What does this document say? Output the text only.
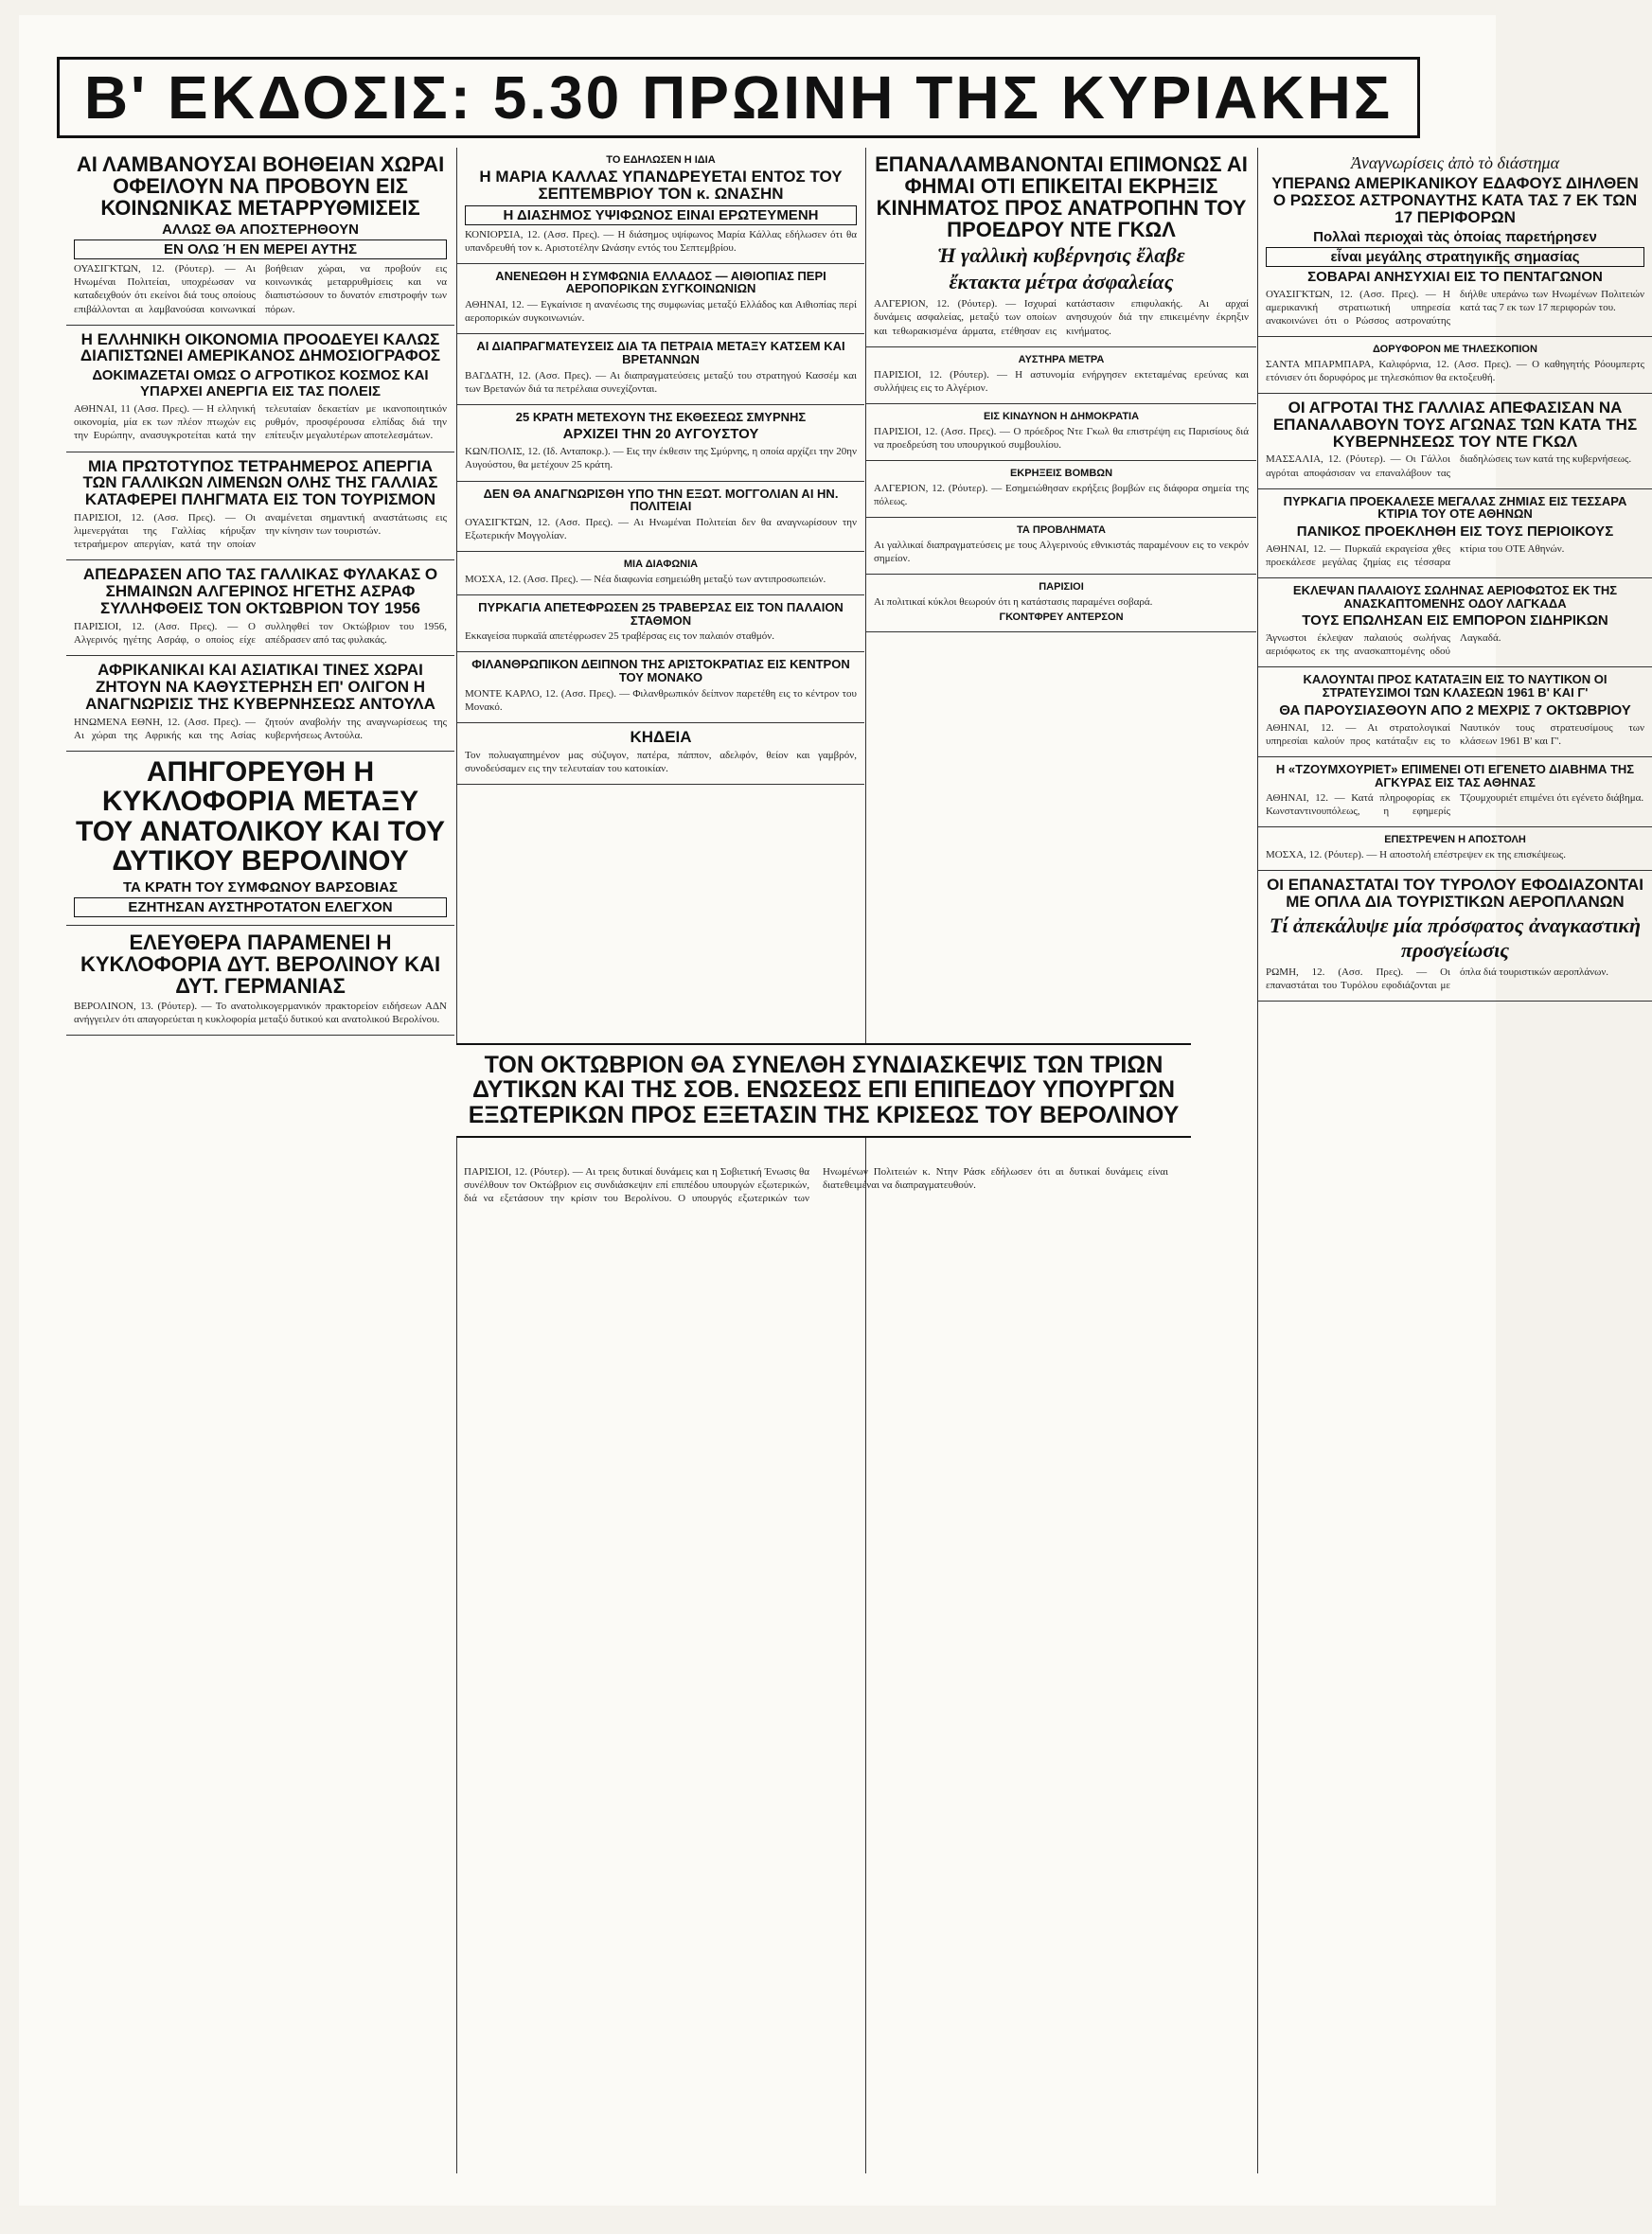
Β' ΕΚΔΟΣΙΣ: 5.30 ΠΡΩΙΝΗ ΤΗΣ ΚΥΡΙΑΚΗΣ
ΑΙ ΛΑΜΒΑΝΟΥΣΑΙ ΒΟΗΘΕΙΑΝ ΧΩΡΑΙ ΟΦΕΙΛΟΥΝ ΝΑ ΠΡΟΒΟΥΝ ΕΙΣ ΚΟΙΝΩΝΙΚΑΣ ΜΕΤΑΡΡΥΘΜΙΣΕΙΣ
ΑΛΛΩΣ ΘΑ ΑΠΟΣΤΕΡΗΘΟΥΝ
ΕΝ ΟΛΩ Ή ΕΝ ΜΕΡΕΙ ΑΥΤΗΣ
ΟΥΑΣΙΓΚΤΩΝ, 12. (Ρόυτερ). — Αι Ηνωμέναι Πολιτείαι, υποχρέωσαν να καταδειχθούν ότι εκείνοι διά τους οποίους επιβάλλονται αι λαμβανούσαι κοινωνικαί βοήθειαν χώραι, να προβούν εις κοινωνικάς μεταρρυθμίσεις και να διαπιστώσουν το δυνατόν επιστροφήν των πόρων.
Η ΕΛΛΗΝΙΚΗ ΟΙΚΟΝΟΜΙΑ ΠΡΟΟΔΕΥΕΙ ΚΑΛΩΣ ΔΙΑΠΙΣΤΩΝΕΙ ΑΜΕΡΙΚΑΝΟΣ ΔΗΜΟΣΙΟΓΡΑΦΟΣ
ΔΟΚΙΜΑΖΕΤΑΙ ΟΜΩΣ Ο ΑΓΡΟΤΙΚΟΣ ΚΟΣΜΟΣ ΚΑΙ ΥΠΑΡΧΕΙ ΑΝΕΡΓΙΑ ΕΙΣ ΤΑΣ ΠΟΛΕΙΣ
ΑΘΗΝΑΙ, 11 (Ασσ. Πρες). — Η ελληνική οικονομία, μία εκ των πλέον πτωχών εις την Ευρώπην, ανασυγκροτείται κατά την τελευταίαν δεκαετίαν με ικανοποιητικόν ρυθμόν, προσφέρουσα ελπίδας διά την επίτευξιν μεγαλυτέρων αποτελεσμάτων.
ΜΙΑ ΠΡΩΤΟΤΥΠΟΣ ΤΕΤΡΑΗΜΕΡΟΣ ΑΠΕΡΓΙΑ ΤΩΝ ΓΑΛΛΙΚΩΝ ΛΙΜΕΝΩΝ ΟΛΗΣ ΤΗΣ ΓΑΛΛΙΑΣ ΚΑΤΑΦΕΡΕΙ ΠΛΗΓΜΑΤΑ ΕΙΣ ΤΟΝ ΤΟΥΡΙΣΜΟΝ
ΠΑΡΙΣΙΟΙ, 12. (Ασσ. Πρες). — Οι λιμενεργάται της Γαλλίας κήρυξαν τετραήμερον απεργίαν, κατά την οποίαν αναμένεται σημαντική αναστάτωσις εις την κίνησιν των τουριστών.
ΑΠΕΔΡΑΣΕΝ ΑΠΟ ΤΑΣ ΓΑΛΛΙΚΑΣ ΦΥΛΑΚΑΣ Ο ΣΗΜΑΙΝΩΝ ΑΛΓΕΡΙΝΟΣ ΗΓΕΤΗΣ ΑΣΡΑΦ ΣΥΛΛΗΦΘΕΙΣ ΤΟΝ ΟΚΤΩΒΡΙΟΝ ΤΟΥ 1956
ΠΑΡΙΣΙΟΙ, 12. (Ασσ. Πρες). — Ο Αλγερινός ηγέτης Ασράφ, ο οποίος είχε συλληφθεί τον Οκτώβριον του 1956, απέδρασεν από τας φυλακάς.
ΑΦΡΙΚΑΝΙΚΑΙ ΚΑΙ ΑΣΙΑΤΙΚΑΙ ΤΙΝΕΣ ΧΩΡΑΙ ΖΗΤΟΥΝ ΝΑ ΚΑΘΥΣΤΕΡΗΣΗ ΕΠ' ΟΛΙΓΟΝ Η ΑΝΑΓΝΩΡΙΣΙΣ ΤΗΣ ΚΥΒΕΡΝΗΣΕΩΣ ΑΝΤΟΥΛΑ
ΗΝΩΜΕΝΑ ΕΘΝΗ, 12. (Ασσ. Πρες). — Αι χώραι της Αφρικής και της Ασίας ζητούν αναβολήν της αναγνωρίσεως της κυβερνήσεως Αντούλα.
ΑΠΗΓΟΡΕΥΘΗ Η ΚΥΚΛΟΦΟΡΙΑ ΜΕΤΑΞΥ ΤΟΥ ΑΝΑΤΟΛΙΚΟΥ ΚΑΙ ΤΟΥ ΔΥΤΙΚΟΥ ΒΕΡΟΛΙΝΟΥ
ΤΑ ΚΡΑΤΗ ΤΟΥ ΣΥΜΦΩΝΟΥ ΒΑΡΣΟΒΙΑΣ
ΕΖΗΤΗΣΑΝ ΑΥΣΤΗΡΟΤΑΤΟΝ ΕΛΕΓΧΟΝ
ΕΛΕΥΘΕΡΑ ΠΑΡΑΜΕΝΕΙ Η ΚΥΚΛΟΦΟΡΙΑ ΔΥΤ. ΒΕΡΟΛΙΝΟΥ ΚΑΙ ΔΥΤ. ΓΕΡΜΑΝΙΑΣ
ΒΕΡΟΛΙΝΟΝ, 13. (Ρόυτερ). — Το ανατολικογερμανικόν πρακτορείον ειδήσεων ΑΔΝ ανήγγειλεν ότι απαγορεύεται η κυκλοφορία μεταξύ δυτικού και ανατολικού Βερολίνου.
ΤΟ ΕΔΗΛΩΣΕΝ Η ΙΔΙΑ
Η ΜΑΡΙΑ ΚΑΛΛΑΣ ΥΠΑΝΔΡΕΥΕΤΑΙ ΕΝΤΟΣ ΤΟΥ ΣΕΠΤΕΜΒΡΙΟΥ ΤΟΝ κ. ΩΝΑΣΗΝ
Η ΔΙΑΣΗΜΟΣ ΥΨΙΦΩΝΟΣ ΕΙΝΑΙ ΕΡΩΤΕΥΜΕΝΗ
ΚΟΝΙΟΡΣΙΑ, 12. (Ασσ. Πρες). — Η διάσημος υψίφωνος Μαρία Κάλλας εδήλωσεν ότι θα υπανδρευθή τον κ. Αριστοτέλην Ωνάσην εντός του Σεπτεμβρίου.
ΑΝΕΝΕΩΘΗ Η ΣΥΜΦΩΝΙΑ ΕΛΛΑΔΟΣ — ΑΙΘΙΟΠΙΑΣ ΠΕΡΙ ΑΕΡΟΠΟΡΙΚΩΝ ΣΥΓΚΟΙΝΩΝΙΩΝ
ΑΘΗΝΑΙ, 12. — Εγκαίνισε η ανανέωσις της συμφωνίας μεταξύ Ελλάδος και Αιθιοπίας περί αεροπορικών συγκοινωνιών.
ΑΙ ΔΙΑΠΡΑΓΜΑΤΕΥΣΕΙΣ ΔΙΑ ΤΑ ΠΕΤΡΑΙΑ ΜΕΤΑΞΥ ΚΑΤΣΕΜ ΚΑΙ ΒΡΕΤΑΝΝΩΝ
ΒΑΓΔΑΤΗ, 12. (Ασσ. Πρες). — Αι διαπραγματεύσεις μεταξύ του στρατηγού Κασσέμ και των Βρετανών διά τα πετρέλαια συνεχίζονται.
25 ΚΡΑΤΗ ΜΕΤΕΧΟΥΝ ΤΗΣ ΕΚΘΕΣΕΩΣ ΣΜΥΡΝΗΣ
ΑΡΧΙΖΕΙ ΤΗΝ 20 ΑΥΓΟΥΣΤΟΥ
ΚΩΝ/ΠΟΛΙΣ, 12. (Ιδ. Ανταποκρ.). — Εις την έκθεσιν της Σμύρνης, η οποία αρχίζει την 20ην Αυγούστου, θα μετέχουν 25 κράτη.
ΔΕΝ ΘΑ ΑΝΑΓΝΩΡΙΣΘΗ ΥΠΟ ΤΗΝ ΕΞΩΤ. ΜΟΓΓΟΛΙΑΝ ΑΙ ΗΝ. ΠΟΛΙΤΕΙΑΙ
ΟΥΑΣΙΓΚΤΩΝ, 12. (Ασσ. Πρες). — Αι Ηνωμέναι Πολιτείαι δεν θα αναγνωρίσουν την Εξωτερικήν Μογγολίαν.
ΜΙΑ ΔΙΑΦΩΝΙΑ
ΜΟΣΧΑ, 12. (Ασσ. Πρες). — Νέα διαφωνία εσημειώθη μεταξύ των αντιπροσωπειών.
ΠΥΡΚΑΓΙΑ ΑΠΕΤΕΦΡΩΣΕΝ 25 ΤΡΑΒΕΡΣΑΣ ΕΙΣ ΤΟΝ ΠΑΛΑΙΟΝ ΣΤΑΘΜΟΝ
Εκκαγείσα πυρκαϊά απετέφρωσεν 25 τραβέρσας εις τον παλαιόν σταθμόν.
ΦΙΛΑΝΘΡΩΠΙΚΟΝ ΔΕΙΠΝΟΝ ΤΗΣ ΑΡΙΣΤΟΚΡΑΤΙΑΣ ΕΙΣ ΚΕΝΤΡΟΝ ΤΟΥ ΜΟΝΑΚΟ
ΜΟΝΤΕ ΚΑΡΛΟ, 12. (Ασσ. Πρες). — Φιλανθρωπικόν δείπνον παρετέθη εις το κέντρον του Μονακό.
ΚΗΔΕΙΑ
Τον πολυαγαπημένον μας σύζυγον, πατέρα, πάππον, αδελφόν, θείον και γαμβρόν, συνοδεύσαμεν εις την τελευταίαν του κατοικίαν.
ΕΠΑΝΑΛΑΜΒΑΝΟΝΤΑΙ ΕΠΙΜΟΝΩΣ ΑΙ ΦΗΜΑΙ ΟΤΙ ΕΠΙΚΕΙΤΑΙ ΕΚΡΗΞΙΣ ΚΙΝΗΜΑΤΟΣ ΠΡΟΣ ΑΝΑΤΡΟΠΗΝ ΤΟΥ ΠΡΟΕΔΡΟΥ ΝΤΕ ΓΚΩΛ
Ἡ γαλλικὴ κυβέρνησις ἔλαβε
ἔκτακτα μέτρα ἀσφαλείας
ΑΛΓΕΡΙΟΝ, 12. (Ρόυτερ). — Ισχυραί δυνάμεις ασφαλείας, μεταξύ των οποίων και τεθωρακισμένα άρματα, ετέθησαν εις κατάστασιν επιφυλακής. Αι αρχαί ανησυχούν διά την επικειμένην έκρηξιν κινήματος.
ΑΥΣΤΗΡΑ ΜΕΤΡΑ
ΠΑΡΙΣΙΟΙ, 12. (Ρόυτερ). — Η αστυνομία ενήργησεν εκτεταμένας ερεύνας και συλλήψεις εις το Αλγέριον.
ΕΙΣ ΚΙΝΔΥΝΟΝ Η ΔΗΜΟΚΡΑΤΙΑ
ΠΑΡΙΣΙΟΙ, 12. (Ασσ. Πρες). — Ο πρόεδρος Ντε Γκωλ θα επιστρέψη εις Παρισίους διά να προεδρεύση του υπουργικού συμβουλίου.
ΕΚΡΗΞΕΙΣ ΒΟΜΒΩΝ
ΑΛΓΕΡΙΟΝ, 12. (Ρόυτερ). — Εσημειώθησαν εκρήξεις βομβών εις διάφορα σημεία της πόλεως.
ΤΑ ΠΡΟΒΛΗΜΑΤΑ
Αι γαλλικαί διαπραγματεύσεις με τους Αλγερινούς εθνικιστάς παραμένουν εις το νεκρόν σημείον.
ΠΑΡΙΣΙΟΙ
Αι πολιτικαί κύκλοι θεωρούν ότι η κατάστασις παραμένει σοβαρά.
ΓΚΟΝΤΦΡΕΥ ΑΝΤΕΡΣΟΝ
Ἀναγνωρίσεις ἀπὸ τὸ διάστημα
ΥΠΕΡΑΝΩ ΑΜΕΡΙΚΑΝΙΚΟΥ ΕΔΑΦΟΥΣ ΔΙΗΛΘΕΝ Ο ΡΩΣΣΟΣ ΑΣΤΡΟΝΑΥΤΗΣ ΚΑΤΑ ΤΑΣ 7 ΕΚ ΤΩΝ 17 ΠΕΡΙΦΟΡΩΝ
Πολλαὶ περιοχαὶ τὰς ὁποίας παρετήρησεν
εἶναι μεγάλης στρατηγικῆς σημασίας
ΣΟΒΑΡΑΙ ΑΝΗΣΥΧΙΑΙ ΕΙΣ ΤΟ ΠΕΝΤΑΓΩΝΟΝ
ΟΥΑΣΙΓΚΤΩΝ, 12. (Ασσ. Πρες). — Η αμερικανική στρατιωτική υπηρεσία ανακοινώνει ότι ο Ρώσσος αστροναύτης διήλθε υπεράνω των Ηνωμένων Πολιτειών κατά τας 7 εκ των 17 περιφορών του.
ΔΟΡΥΦΟΡΟΝ ΜΕ ΤΗΛΕΣΚΟΠΙΟΝ
ΣΑΝΤΑ ΜΠΑΡΜΠΑΡΑ, Καλιφόρνια, 12. (Ασσ. Πρες). — Ο καθηγητής Ρόουμπερτς ετόνισεν ότι δορυφόρος με τηλεσκόπιον θα εκτοξευθή.
ΟΙ ΑΓΡΟΤΑΙ ΤΗΣ ΓΑΛΛΙΑΣ ΑΠΕΦΑΣΙΣΑΝ ΝΑ ΕΠΑΝΑΛΑΒΟΥΝ ΤΟΥΣ ΑΓΩΝΑΣ ΤΩΝ ΚΑΤΑ ΤΗΣ ΚΥΒΕΡΝΗΣΕΩΣ ΤΟΥ ΝΤΕ ΓΚΩΛ
ΜΑΣΣΑΛΙΑ, 12. (Ρόυτερ). — Οι Γάλλοι αγρόται αποφάσισαν να επαναλάβουν τας διαδηλώσεις των κατά της κυβερνήσεως.
ΠΥΡΚΑΓΙΑ ΠΡΟΕΚΑΛΕΣΕ ΜΕΓΑΛΑΣ ΖΗΜΙΑΣ ΕΙΣ ΤΕΣΣΑΡΑ ΚΤΙΡΙΑ ΤΟΥ ΟΤΕ ΑΘΗΝΩΝ
ΠΑΝΙΚΟΣ ΠΡΟΕΚΛΗΘΗ ΕΙΣ ΤΟΥΣ ΠΕΡΙΟΙΚΟΥΣ
ΑΘΗΝΑΙ, 12. — Πυρκαϊά εκραγείσα χθες προεκάλεσε μεγάλας ζημίας εις τέσσαρα κτίρια του ΟΤΕ Αθηνών.
ΕΚΛΕΨΑΝ ΠΑΛΑΙΟΥΣ ΣΩΛΗΝΑΣ ΑΕΡΙΟΦΩΤΟΣ ΕΚ ΤΗΣ ΑΝΑΣΚΑΠΤΟΜΕΝΗΣ ΟΔΟΥ ΛΑΓΚΑΔΑ
ΤΟΥΣ ΕΠΩΛΗΣΑΝ ΕΙΣ ΕΜΠΟΡΟΝ ΣΙΔΗΡΙΚΩΝ
Άγνωστοι έκλεψαν παλαιούς σωλήνας αεριόφωτος εκ της ανασκαπτομένης οδού Λαγκαδά.
ΚΑΛΟΥΝΤΑΙ ΠΡΟΣ ΚΑΤΑΤΑΞΙΝ ΕΙΣ ΤΟ ΝΑΥΤΙΚΟΝ ΟΙ ΣΤΡΑΤΕΥΣΙΜΟΙ ΤΩΝ ΚΛΑΣΕΩΝ 1961 Β' ΚΑΙ Γ'
ΘΑ ΠΑΡΟΥΣΙΑΣΘΟΥΝ ΑΠΟ 2 ΜΕΧΡΙΣ 7 ΟΚΤΩΒΡΙΟΥ
ΑΘΗΝΑΙ, 12. — Αι στρατολογικαί υπηρεσίαι καλούν προς κατάταξιν εις το Ναυτικόν τους στρατευσίμους των κλάσεων 1961 Β' και Γ'.
Η «ΤΖΟΥΜΧΟΥΡΙΕΤ» ΕΠΙΜΕΝΕΙ ΟΤΙ ΕΓΕΝΕΤΟ ΔΙΑΒΗΜΑ ΤΗΣ ΑΓΚΥΡΑΣ ΕΙΣ ΤΑΣ ΑΘΗΝΑΣ
ΑΘΗΝΑΙ, 12. — Κατά πληροφορίας εκ Κωνσταντινουπόλεως, η εφημερίς Τζουμχουριέτ επιμένει ότι εγένετο διάβημα.
ΕΠΕΣΤΡΕΨΕΝ Η ΑΠΟΣΤΟΛΗ
ΜΟΣΧΑ, 12. (Ρόυτερ). — Η αποστολή επέστρεψεν εκ της επισκέψεως.
ΟΙ ΕΠΑΝΑΣΤΑΤΑΙ ΤΟΥ ΤΥΡΟΛΟΥ ΕΦΟΔΙΑΖΟΝΤΑΙ ΜΕ ΟΠΛΑ ΔΙΑ ΤΟΥΡΙΣΤΙΚΩΝ ΑΕΡΟΠΛΑΝΩΝ
Τί ἀπεκάλυψε μία πρόσφατος ἀναγκαστικὴ προσγείωσις
ΡΩΜΗ, 12. (Ασσ. Πρες). — Οι επαναστάται του Τυρόλου εφοδιάζονται με όπλα διά τουριστικών αεροπλάνων.
ΤΟΝ ΟΚΤΩΒΡΙΟΝ ΘΑ ΣΥΝΕΛΘΗ ΣΥΝΔΙΑΣΚΕΨΙΣ ΤΩΝ ΤΡΙΩΝ ΔΥΤΙΚΩΝ ΚΑΙ ΤΗΣ ΣΟΒ. ΕΝΩΣΕΩΣ ΕΠΙ ΕΠΙΠΕΔΟΥ ΥΠΟΥΡΓΩΝ ΕΞΩΤΕΡΙΚΩΝ ΠΡΟΣ ΕΞΕΤΑΣΙΝ ΤΗΣ ΚΡΙΣΕΩΣ ΤΟΥ ΒΕΡΟΛΙΝΟΥ
ΠΑΡΙΣΙΟΙ, 12. (Ρόυτερ). — Αι τρεις δυτικαί δυνάμεις και η Σοβιετική Ένωσις θα συνέλθουν τον Οκτώβριον εις συνδιάσκεψιν επί επιπέδου υπουργών εξωτερικών, διά να εξετάσουν την κρίσιν του Βερολίνου. Ο υπουργός εξωτερικών των Ηνωμένων Πολιτειών κ. Ντην Ράσκ εδήλωσεν ότι αι δυτικαί δυνάμεις είναι διατεθειμέναι να διαπραγματευθούν.
